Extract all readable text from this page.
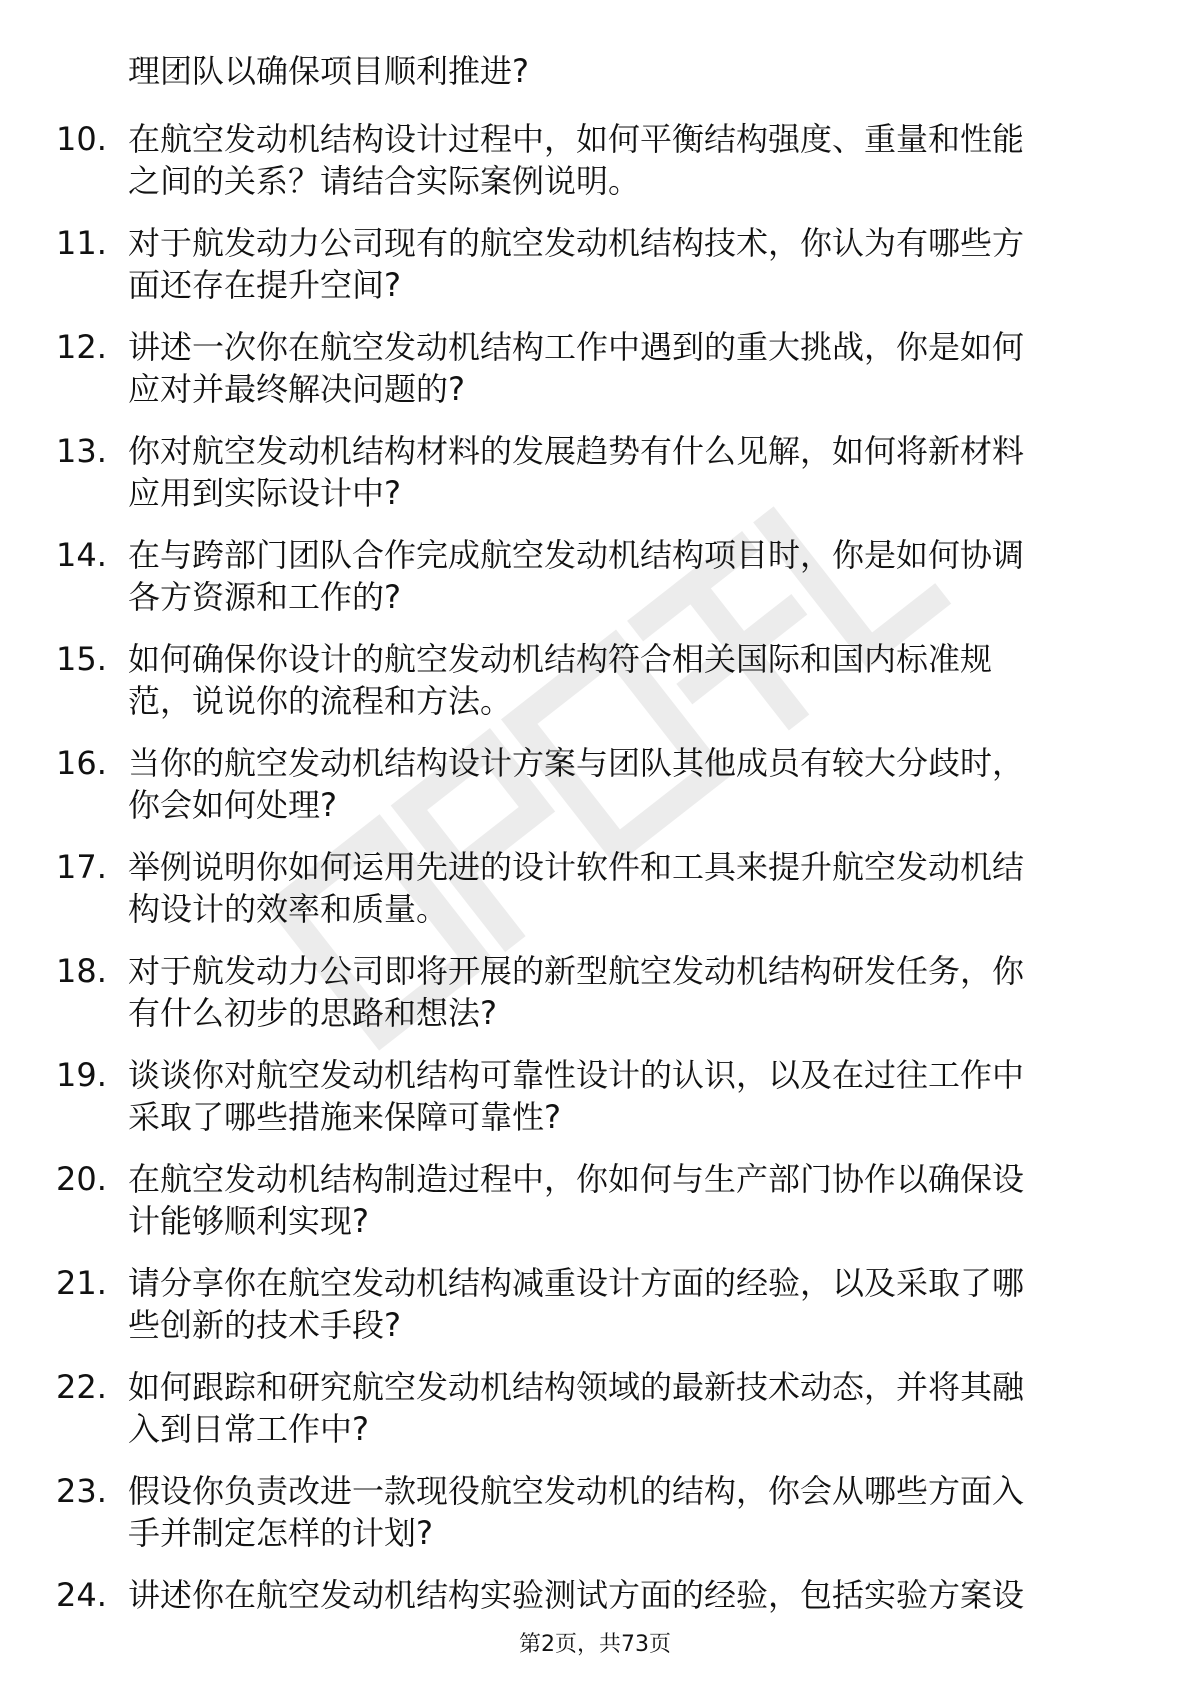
理团队以确保项目顺利推进?
10. 在航空发动机结构设计过程中，如何平衡结构强度、重量和性能
之间的关系？请结合实际案例说明。
11. 对于航发动力公司现有的航空发动机结构技术，你认为有哪些方
面还存在提升空间?
12. 讲述一次你在航空发动机结构工作中遇到的重大挑战，你是如何
应对并最终解决问题的?
13. 你对航空发动机结构材料的发展趋势有什么见解，如何将新材料
应用到实际设计中?
14. 在与跨部门团队合作完成航空发动机结构项目时，你是如何协调
各方资源和工作的?
15. 如何确保你设计的航空发动机结构符合相关国际和国内标准规
范，说说你的流程和方法。
16. 当你的航空发动机结构设计方案与团队其他成员有较大分歧时，
你会如何处理?
17. 举例说明你如何运用先进的设计软件和工具来提升航空发动机结
构设计的效率和质量。
18. 对于航发动力公司即将开展的新型航空发动机结构研发任务，你
有什么初步的思路和想法?
19. 谈谈你对航空发动机结构可靠性设计的认识，以及在过往工作中
采取了哪些措施来保障可靠性?
20. 在航空发动机结构制造过程中，你如何与生产部门协作以确保设
计能够顺利实现?
21. 请分享你在航空发动机结构减重设计方面的经验，以及采取了哪
些创新的技术手段?
22. 如何跟踪和研究航空发动机结构领域的最新技术动态，并将其融
入到日常工作中?
23. 假设你负责改进一款现役航空发动机的结构，你会从哪些方面入
手并制定怎样的计划?
24. 讲述你在航空发动机结构实验测试方面的经验，包括实验方案设
第2页，共73页
